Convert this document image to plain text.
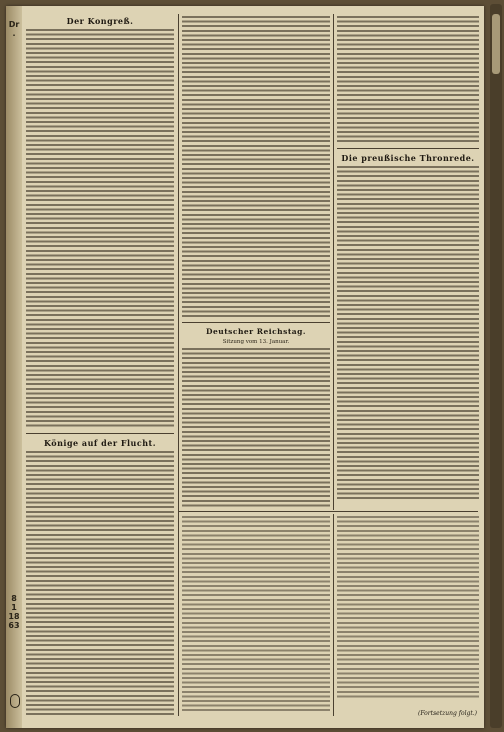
Dr.
8
1
18
63
Der Kongreß.
Könige auf der Flucht.
Deutscher Reichstag.
Sitzung vom 13. Januar.
Die preußische Thronrede.
(Fortsetzung folgt.)
